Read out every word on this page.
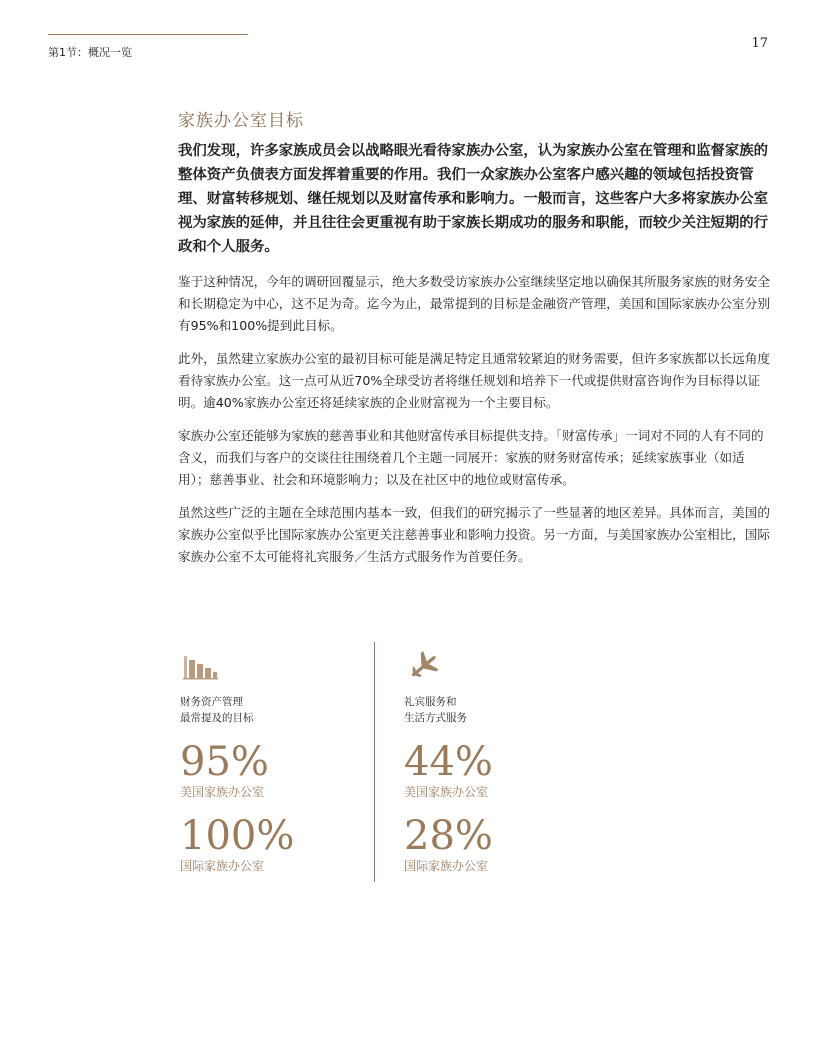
第1节：概况一览
17
家族办公室目标

我们发现，许多家族成员会以战略眼光看待家族办公室，认为家族办公室在管理和监督家族的整体资产负债表方面发挥着重要的作用。我们一众家族办公室客户感兴趣的领域包括投资管理、财富转移规划、继任规划以及财富传承和影响力。一般而言，这些客户大多将家族办公室视为家族的延伸，并且往往会更重视有助于家族长期成功的服务和职能，而较少关注短期的行政和个人服务。

鉴于这种情况，今年的调研回覆显示，绝大多数受访家族办公室继续坚定地以确保其所服务家族的财务安全和长期稳定为中心，这不足为奇。迄今为止，最常提到的目标是金融资产管理，美国和国际家族办公室分别有95%和100%提到此目标。

此外，虽然建立家族办公室的最初目标可能是满足特定且通常较紧迫的财务需要，但许多家族都以长远角度看待家族办公室。这一点可从近70%全球受访者将继任规划和培养下一代或提供财富咨询作为目标得以证明。逾40%家族办公室还将延续家族的企业财富视为一个主要目标。

家族办公室还能够为家族的慈善事业和其他财富传承目标提供支持。「财富传承」一词对不同的人有不同的含义，而我们与客户的交谈往往围绕着几个主题一同展开：家族的财务财富传承；延续家族事业（如适用）；慈善事业、社会和环境影响力；以及在社区中的地位或财富传承。

虽然这些广泛的主题在全球范围内基本一致，但我们的研究揭示了一些显著的地区差异。具体而言，美国的家族办公室似乎比国际家族办公室更关注慈善事业和影响力投资。另一方面，与美国家族办公室相比，国际家族办公室不太可能将礼宾服务／生活方式服务作为首要任务。

财务资产管理
最常提及的目标
95%
美国家族办公室
100%
国际家族办公室
礼宾服务和
生活方式服务
44%
美国家族办公室
28%
国际家族办公室
